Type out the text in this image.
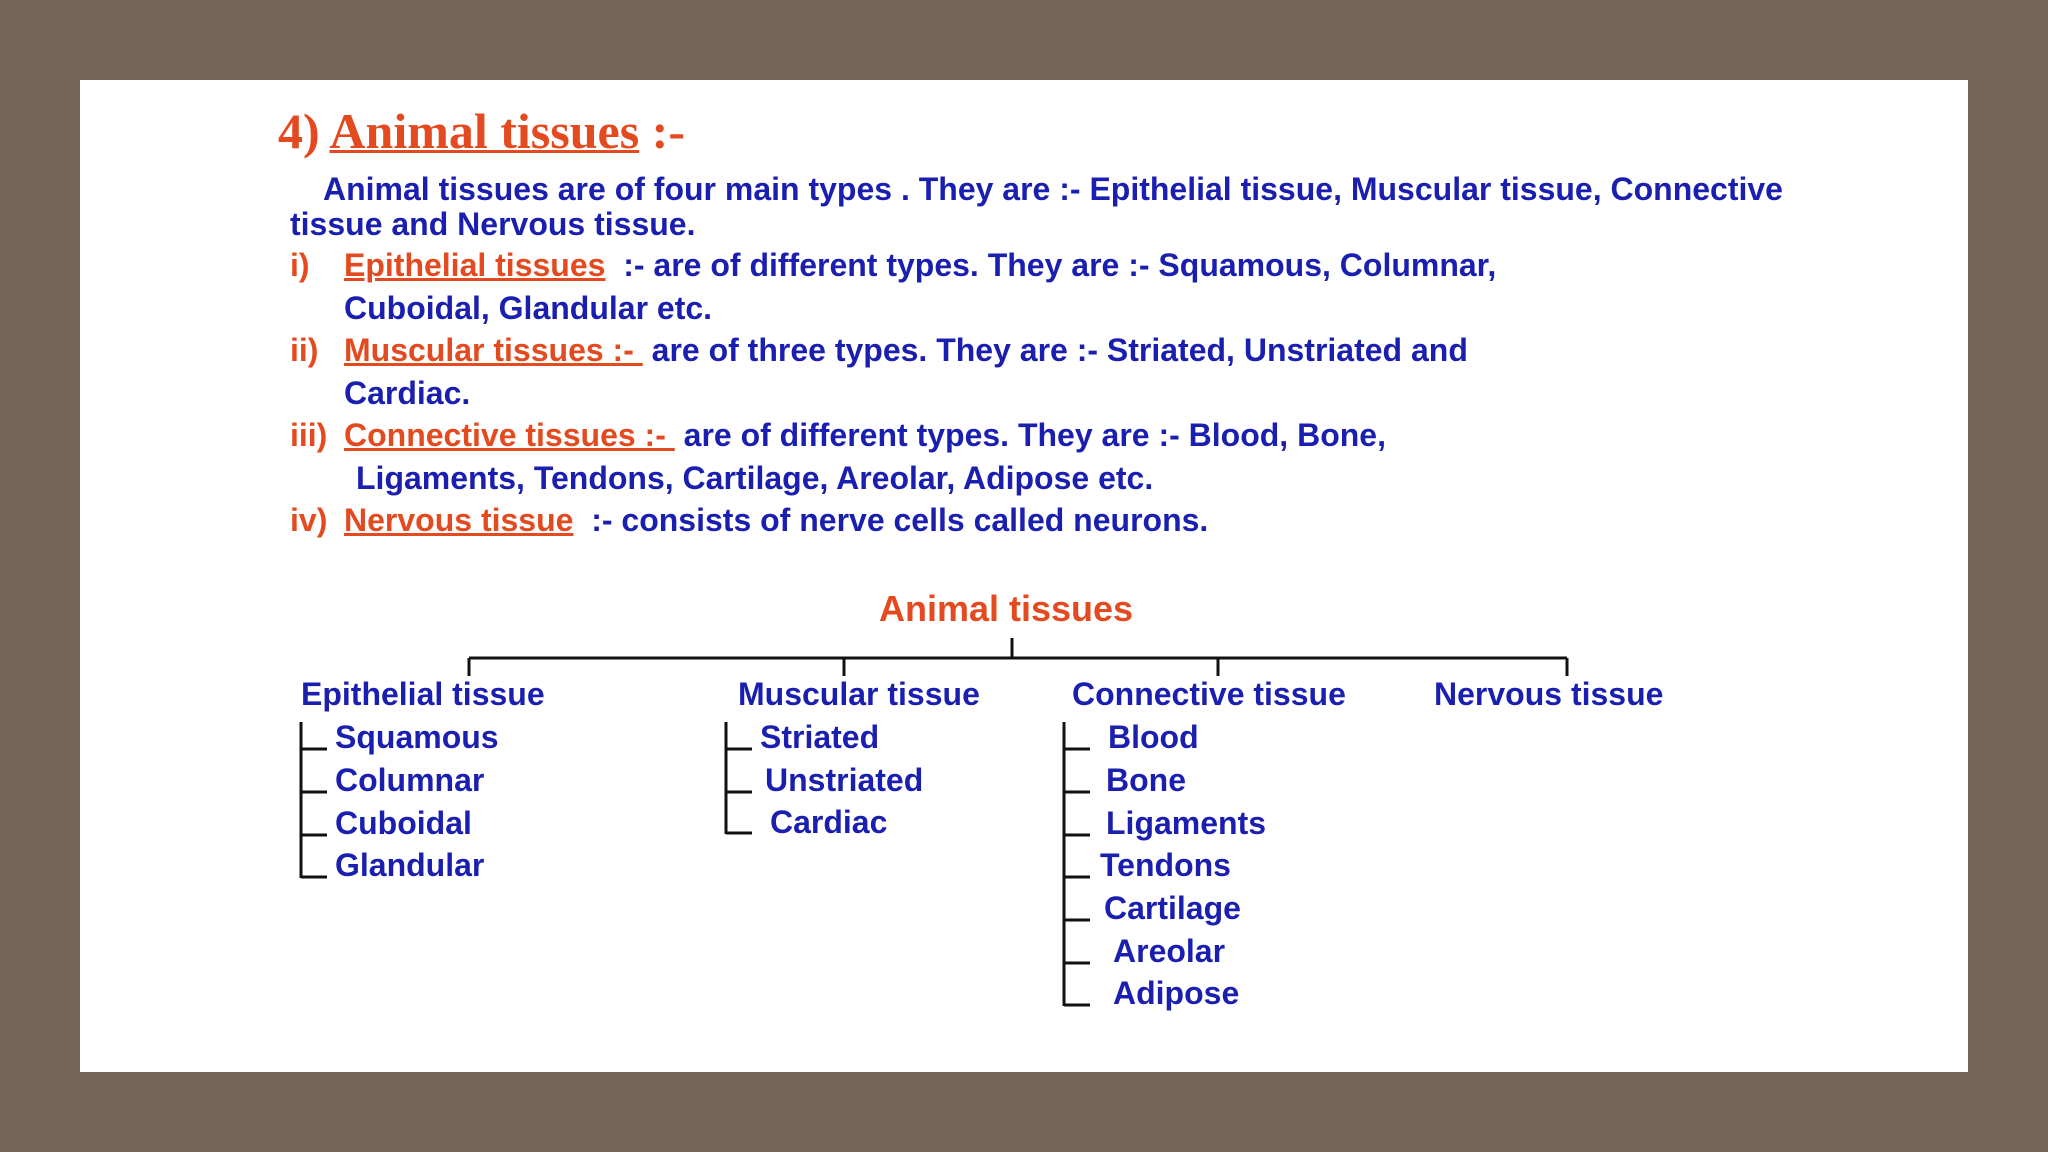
4) Animal tissues :-

Animal tissues are of four main types . They are :- Epithelial tissue, Muscular tissue, Connective tissue and Nervous tissue.

i) Epithelial tissues  :- are of different types. They are :- Squamous, Columnar,
Cuboidal, Glandular etc.
ii) Muscular tissues :-  are of three types. They are :- Striated, Unstriated and
Cardiac.
iii) Connective tissues :-  are of different types. They are :- Blood, Bone,
Ligaments, Tendons, Cartilage, Areolar, Adipose etc.
iv) Nervous tissue  :- consists of nerve cells called neurons.
Animal tissues
Epithelial tissue	Muscular tissue	Connective tissue	Nervous tissue
Squamous
Columnar
Cuboidal
Glandular
Striated
Unstriated
Cardiac
Blood
Bone
Ligaments
Tendons
Cartilage
Areolar
Adipose
